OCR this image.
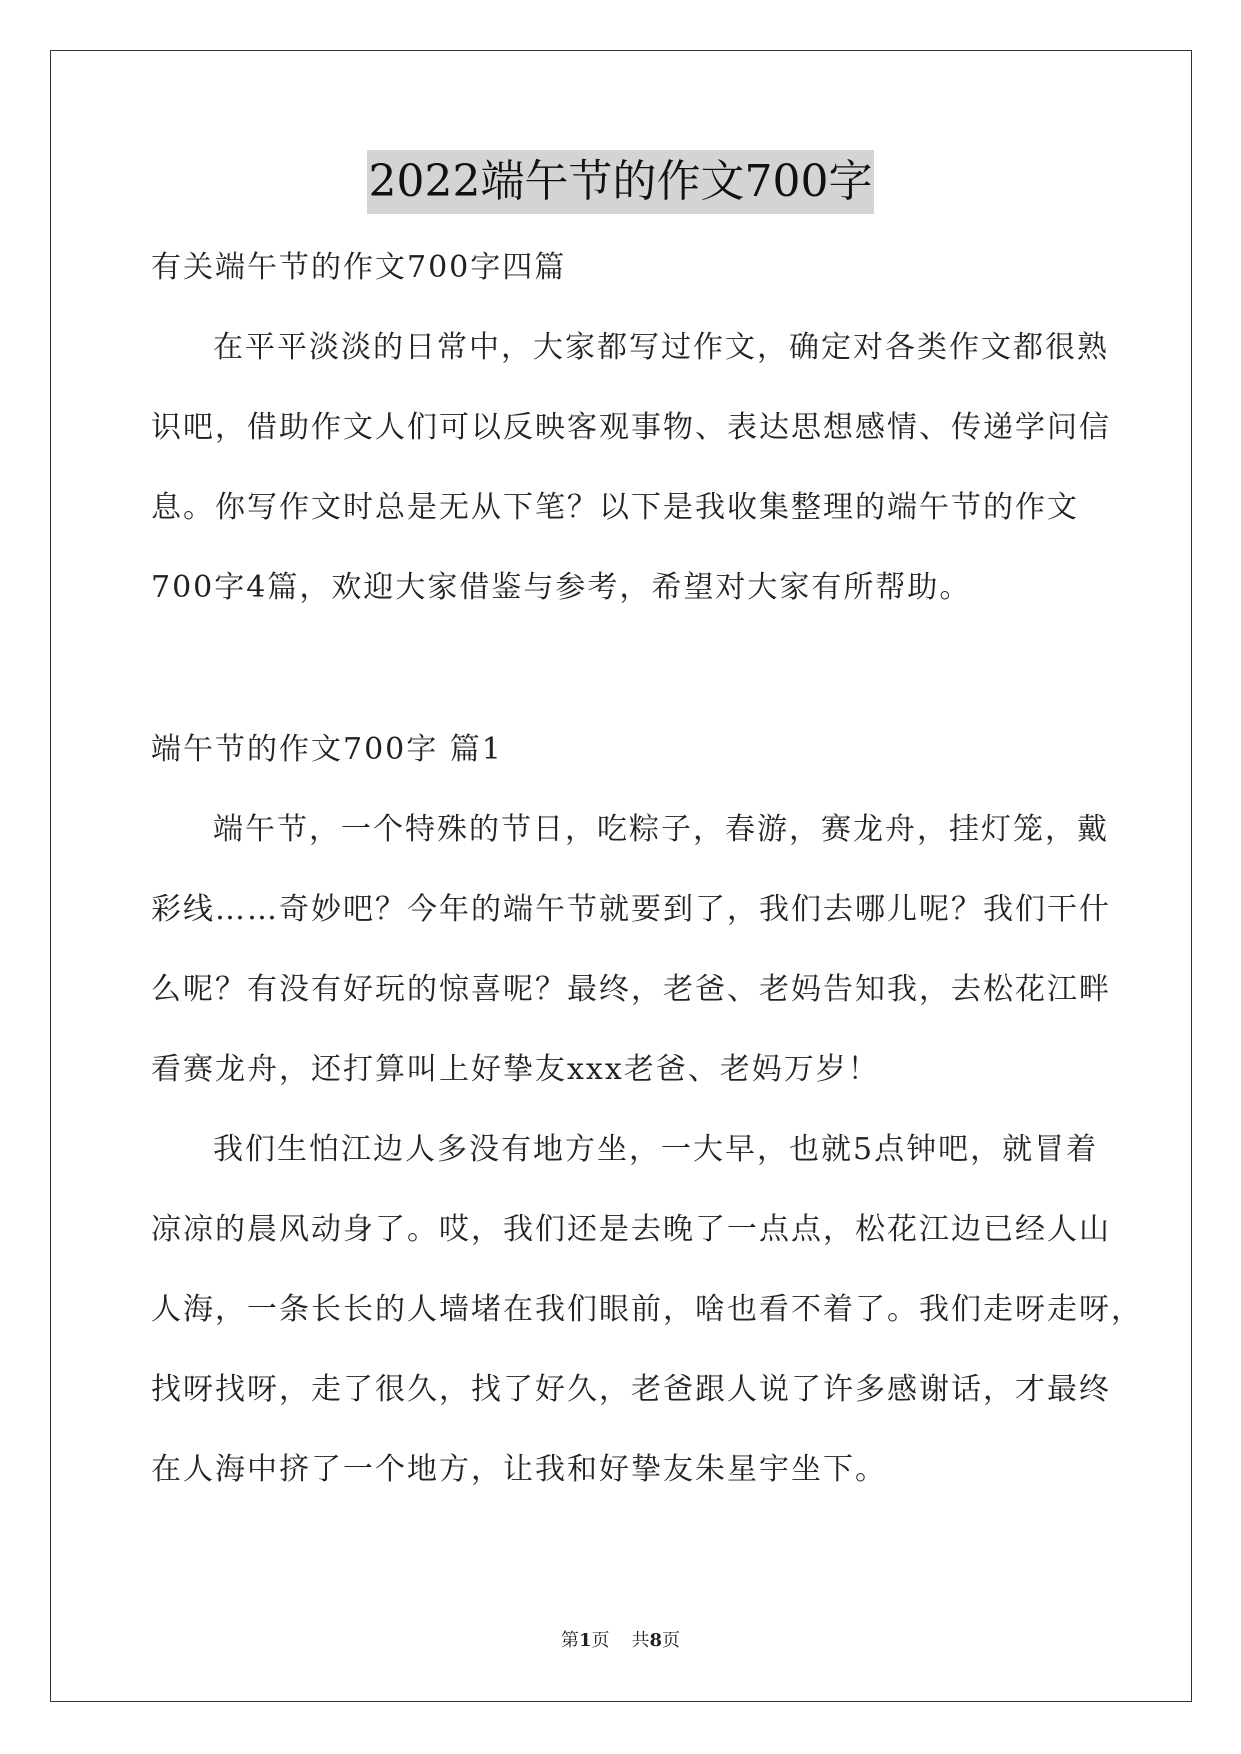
2022端午节的作文700字
有关端午节的作文700字四篇
在平平淡淡的日常中，大家都写过作文，确定对各类作文都很熟
识吧，借助作文人们可以反映客观事物、表达思想感情、传递学问信
息。你写作文时总是无从下笔？以下是我收集整理的端午节的作文
700字4篇，欢迎大家借鉴与参考，希望对大家有所帮助。
端午节的作文700字 篇1
端午节，一个特殊的节日，吃粽子，春游，赛龙舟，挂灯笼，戴
彩线……奇妙吧？今年的端午节就要到了，我们去哪儿呢？我们干什
么呢？有没有好玩的惊喜呢？最终，老爸、老妈告知我，去松花江畔
看赛龙舟，还打算叫上好挚友xxx老爸、老妈万岁！
我们生怕江边人多没有地方坐，一大早，也就5点钟吧，就冒着
凉凉的晨风动身了。哎，我们还是去晚了一点点，松花江边已经人山
人海，一条长长的人墙堵在我们眼前，啥也看不着了。我们走呀走呀，
找呀找呀，走了很久，找了好久，老爸跟人说了许多感谢话，才最终
在人海中挤了一个地方，让我和好挚友朱星宇坐下。
第1页 共8页
